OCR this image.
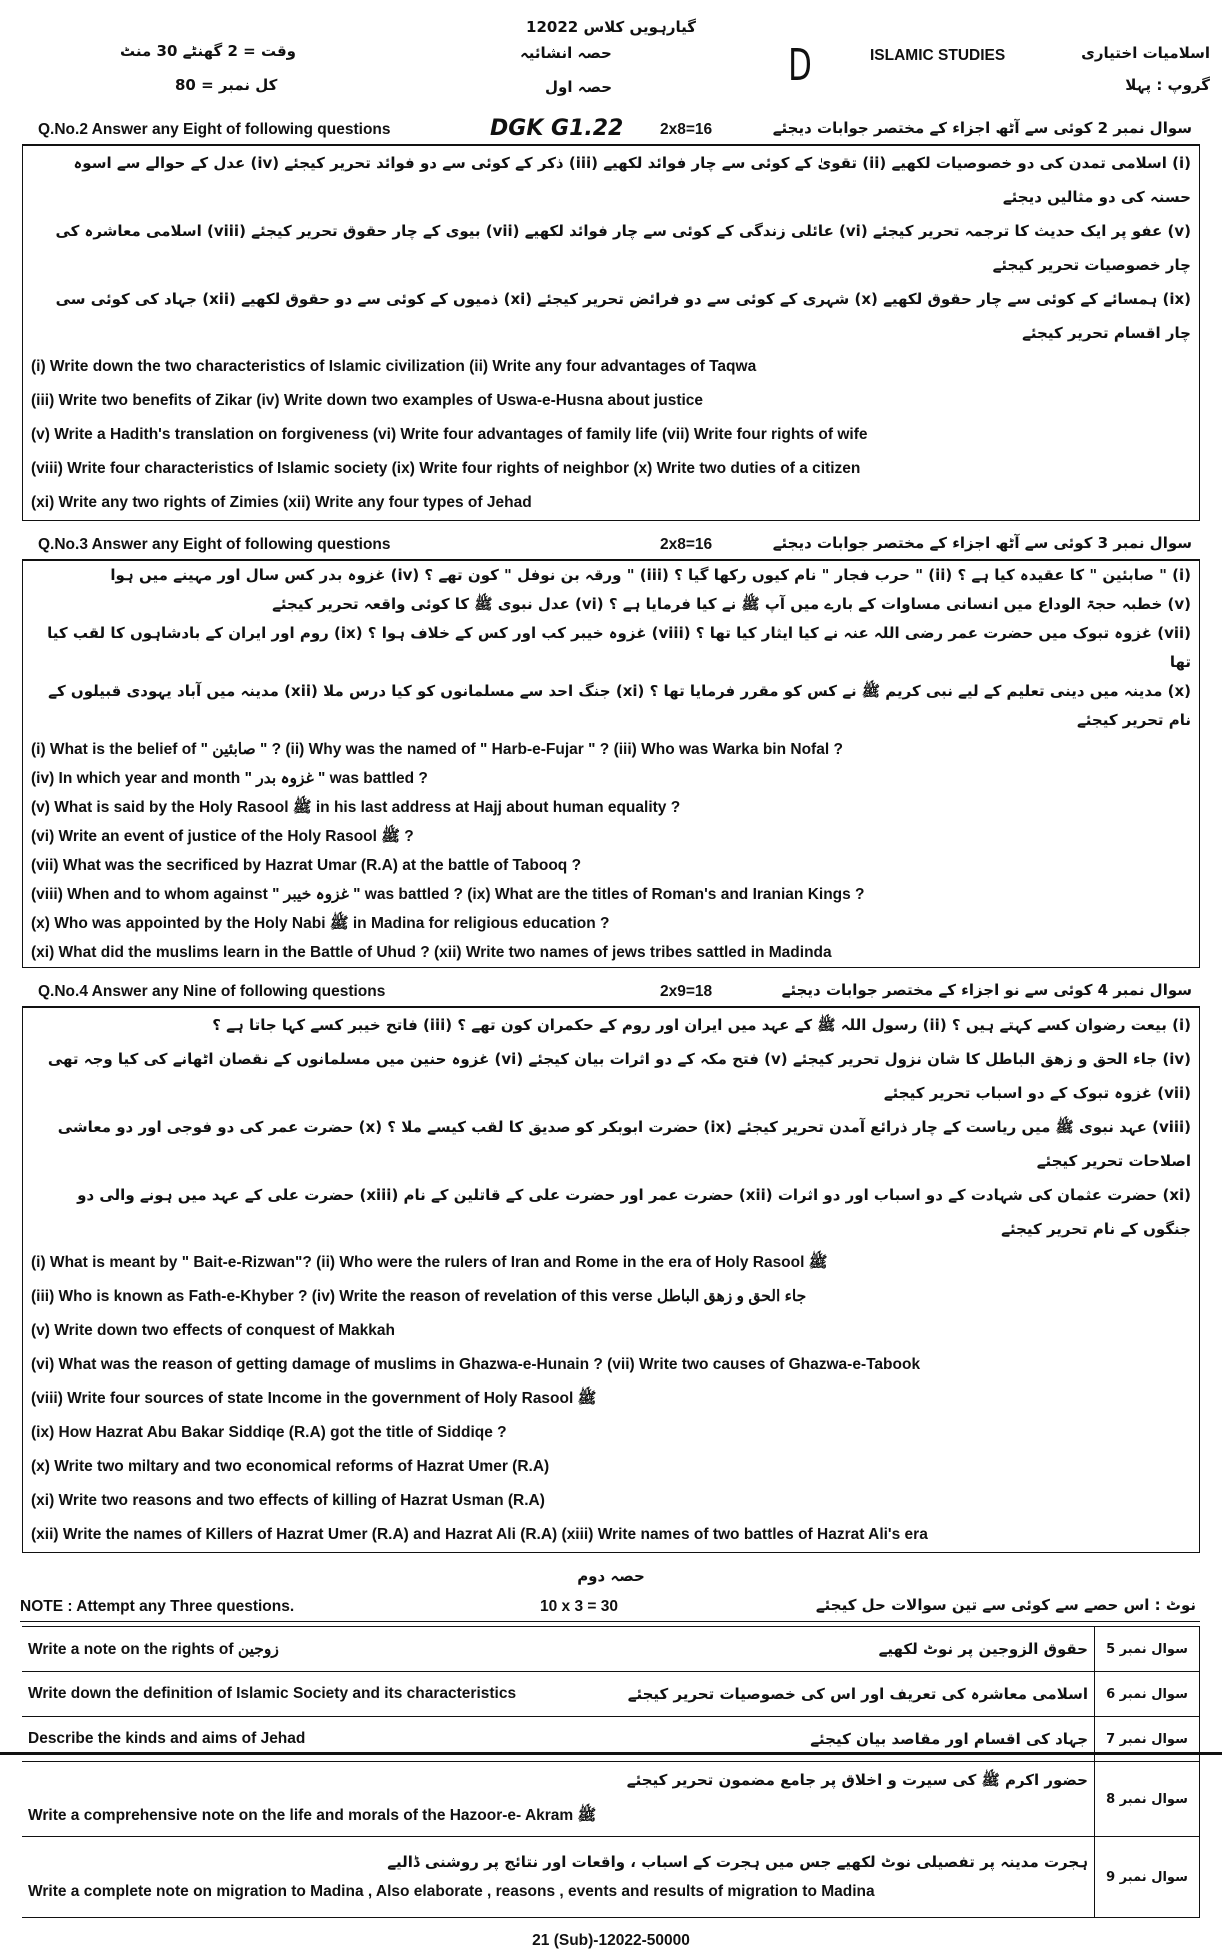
12022 گیارہویں کلاس
وقت = 2 گھنٹے 30 منٹ
کل نمبر = 80
حصہ انشائیہ
حصہ اول	D	ISLAMIC STUDIES	اسلامیات اختیاری
گروپ : پہلا
Q.No.2 Answer any Eight of following questions	2x8=16
DGK G1.22	سوال نمبر 2 کوئی سے آٹھ اجزاء کے مختصر جوابات دیجئے
(i) اسلامی تمدن کی دو خصوصیات لکھیے (ii) تقویٰ کے کوئی سے چار فوائد لکھیے (iii) ذکر کے کوئی سے دو فوائد تحریر کیجئے (iv) عدل کے حوالے سے اسوہ حسنہ کی دو مثالیں دیجئے
(v) عفو پر ایک حدیث کا ترجمہ تحریر کیجئے (vi) عائلی زندگی کے کوئی سے چار فوائد لکھیے (vii) بیوی کے چار حقوق تحریر کیجئے (viii) اسلامی معاشرہ کی چار خصوصیات تحریر کیجئے
(ix) ہمسائے کے کوئی سے چار حقوق لکھیے (x) شہری کے کوئی سے دو فرائض تحریر کیجئے (xi) ذمیوں کے کوئی سے دو حقوق لکھیے (xii) جہاد کی کوئی سی چار اقسام تحریر کیجئے
(i) Write down the two characteristics of Islamic civilization (ii) Write any four advantages of Taqwa
(iii) Write two benefits of Zikar (iv) Write down two examples of Uswa-e-Husna about justice
(v) Write a Hadith's translation on forgiveness (vi) Write four advantages of family life (vii) Write four rights of wife
(viii) Write four characteristics of Islamic society (ix) Write four rights of neighbor (x) Write two duties of a citizen
(xi) Write any two rights of Zimies (xii) Write any four types of Jehad
Q.No.3 Answer any Eight of following questions	2x8=16	سوال نمبر 3 کوئی سے آٹھ اجزاء کے مختصر جوابات دیجئے
(i) " صابئین " کا عقیدہ کیا ہے ؟ (ii) " حرب فجار " نام کیوں رکھا گیا ؟ (iii) " ورقہ بن نوفل " کون تھے ؟ (iv) غزوہ بدر کس سال اور مہینے میں ہوا
(v) خطبہ حجۃ الوداع میں انسانی مساوات کے بارے میں آپ ﷺ نے کیا فرمایا ہے ؟ (vi) عدل نبوی ﷺ کا کوئی واقعہ تحریر کیجئے
(vii) غزوہ تبوک میں حضرت عمر رضی اللہ عنہ نے کیا ایثار کیا تھا ؟ (viii) غزوہ خیبر کب اور کس کے خلاف ہوا ؟ (ix) روم اور ایران کے بادشاہوں کا لقب کیا تھا
(x) مدینہ میں دینی تعلیم کے لیے نبی کریم ﷺ نے کس کو مقرر فرمایا تھا ؟ (xi) جنگ احد سے مسلمانوں کو کیا درس ملا (xii) مدینہ میں آباد یہودی قبیلوں کے نام تحریر کیجئے
(i) What is the belief of " صابئین " ? (ii) Why was the named of " Harb-e-Fujar " ? (iii) Who was Warka bin Nofal ?
(iv) In which year and month " غزوہ بدر " was battled ?
(v) What is said by the Holy Rasool ﷺ in his last address at Hajj about human equality ?
(vi) Write an event of justice of the Holy Rasool ﷺ ?
(vii) What was the secrificed by Hazrat Umar (R.A) at the battle of Tabooq ?
(viii) When and to whom against " غزوہ خیبر " was battled ? (ix) What are the titles of Roman's and Iranian Kings ?
(x) Who was appointed by the Holy Nabi ﷺ in Madina for religious education ?
(xi) What did the muslims learn in the Battle of Uhud ? (xii) Write two names of jews tribes sattled in Madinda
Q.No.4 Answer any Nine of following questions	2x9=18	سوال نمبر 4 کوئی سے نو اجزاء کے مختصر جوابات دیجئے
(i) بیعت رضوان کسے کہتے ہیں ؟ (ii) رسول اللہ ﷺ کے عہد میں ایران اور روم کے حکمران کون تھے ؟ (iii) فاتح خیبر کسے کہا جاتا ہے ؟
(iv) جاء الحق و زھق الباطل کا شان نزول تحریر کیجئے (v) فتح مکہ کے دو اثرات بیان کیجئے (vi) غزوہ حنین میں مسلمانوں کے نقصان اٹھانے کی کیا وجہ تھی (vii) غزوہ تبوک کے دو اسباب تحریر کیجئے
(viii) عہد نبوی ﷺ میں ریاست کے چار ذرائع آمدن تحریر کیجئے (ix) حضرت ابوبکر کو صدیق کا لقب کیسے ملا ؟ (x) حضرت عمر کی دو فوجی اور دو معاشی اصلاحات تحریر کیجئے
(xi) حضرت عثمان کی شہادت کے دو اسباب اور دو اثرات (xii) حضرت عمر اور حضرت علی کے قاتلین کے نام (xiii) حضرت علی کے عہد میں ہونے والی دو جنگوں کے نام تحریر کیجئے
(i) What is meant by " Bait-e-Rizwan"? (ii) Who were the rulers of Iran and Rome in the era of Holy Rasool ﷺ
(iii) Who is known as Fath-e-Khyber ? (iv) Write the reason of revelation of this verse جاء الحق و زھق الباطل
(v) Write down two effects of conquest of Makkah
(vi) What was the reason of getting damage of muslims in Ghazwa-e-Hunain ? (vii) Write two causes of Ghazwa-e-Tabook
(viii) Write four sources of state Income in the government of Holy Rasool ﷺ
(ix) How Hazrat Abu Bakar Siddiqe (R.A) got the title of Siddiqe ?
(x) Write two miltary and two economical reforms of Hazrat Umer (R.A)
(xi) Write two reasons and two effects of killing of Hazrat Usman (R.A)
(xii) Write the names of Killers of Hazrat Umer (R.A) and Hazrat Ali (R.A) (xiii) Write names of two battles of Hazrat Ali's era
حصہ دوم
NOTE : Attempt any Three questions.	10 x 3 = 30	نوٹ : اس حصے سے کوئی سے تین سوالات حل کیجئے
Write a note on the rights of زوجین حقوق الزوجین پر نوٹ لکھیے	سوال نمبر 5

Write down the definition of Islamic Society and its characteristics اسلامی معاشرہ کی تعریف اور اس کی خصوصیات تحریر کیجئے	سوال نمبر 6

Describe the kinds and aims of Jehad جہاد کی اقسام اور مقاصد بیان کیجئے	سوال نمبر 7

حضور اکرم ﷺ کی سیرت و اخلاق پر جامع مضمون تحریر کیجئے
Write a comprehensive note on the life and morals of the Hazoor-e- Akram ﷺ	سوال نمبر 8

ہجرت مدینہ پر تفصیلی نوٹ لکھیے جس میں ہجرت کے اسباب ، واقعات اور نتائج پر روشنی ڈالیے
Write a complete note on migration to Madina , Also elaborate , reasons , events and results of migration to Madina	سوال نمبر 9
21 (Sub)-12022-50000
